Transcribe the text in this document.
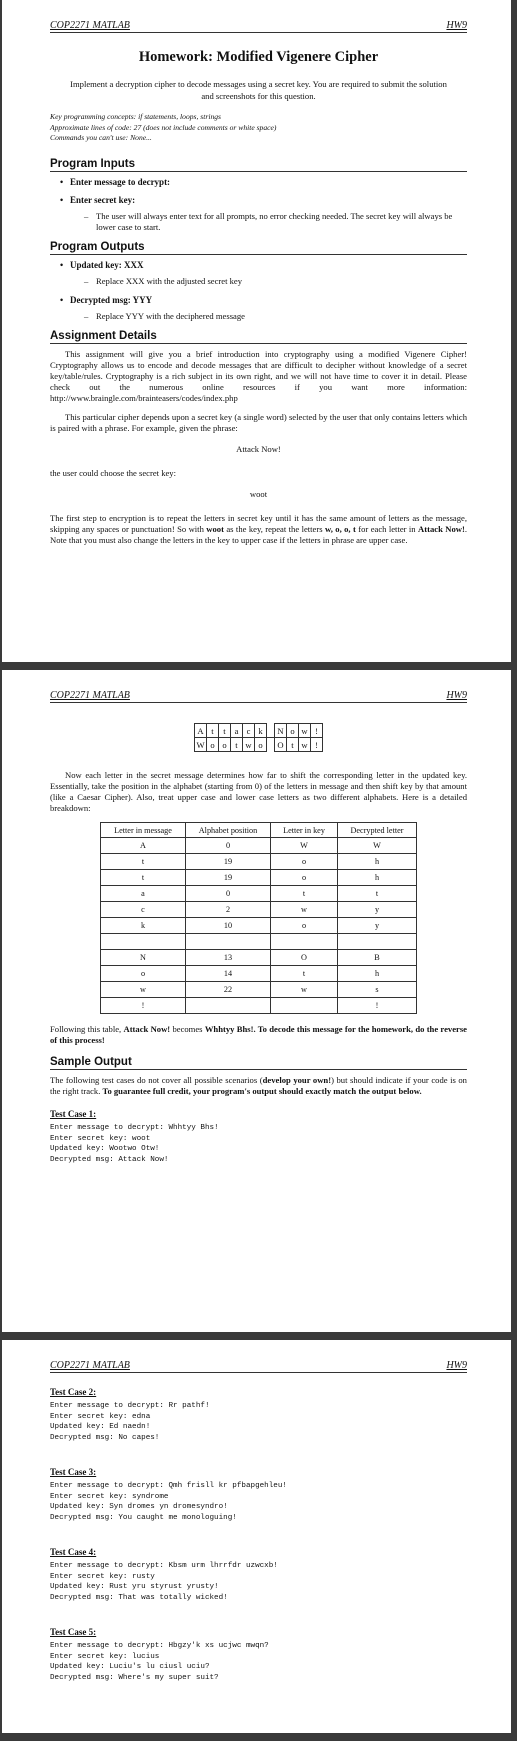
COP2271 MATLAB	HW9
Homework: Modified Vigenere Cipher
Implement a decryption cipher to decode messages using a secret key. You are required to submit the solution and screenshots for this question.
Key programming concepts: if statements, loops, strings
Approximate lines of code: 27 (does not include comments or white space)
Commands you can't use: None...
Program Inputs
• Enter message to decrypt:
• Enter secret key:
– The user will always enter text for all prompts, no error checking needed. The secret key will always be lower case to start.
Program Outputs
• Updated key: XXX
– Replace XXX with the adjusted secret key
• Decrypted msg: YYY
– Replace YYY with the deciphered message
Assignment Details

This assignment will give you a brief introduction into cryptography using a modified Vigenere Cipher! Cryptography allows us to encode and decode messages that are difficult to decipher without knowledge of a secret key/table/rules. Cryptography is a rich subject in its own right, and we will not have time to cover it in detail. Please check out the numerous online resources if you want more information: http://www.braingle.com/brainteasers/codes/index.php

This particular cipher depends upon a secret key (a single word) selected by the user that only contains letters which is paired with a phrase. For example, given the phrase:

Attack Now!

the user could choose the secret key:

woot

The first step to encryption is to repeat the letters in secret key until it has the same amount of letters as the message, skipping any spaces or punctuation! So with woot as the key, repeat the letters w, o, o, t for each letter in Attack Now!. Note that you must also change the letters in the key to upper case if the letters in phrase are upper case.

COP2271 MATLAB	HW9
A	t	t	a	c	k		N	o	w	!
W	o	o	t	w	o		O	t	w	!

Now each letter in the secret message determines how far to shift the corresponding letter in the updated key. Essentially, take the position in the alphabet (starting from 0) of the letters in message and then shift key by that amount (like a Caesar Cipher). Also, treat upper case and lower case letters as two different alphabets. Here is a detailed breakdown:

Letter in message	Alphabet position	Letter in key	Decrypted letter
A	0	W	W
t	19	o	h
t	19	o	h
a	0	t	t
c	2	w	y
k	10	o	y

N	13	O	B
o	14	t	h
w	22	w	s
!			!

Following this table, Attack Now! becomes Whhtyy Bhs!. To decode this message for the homework, do the reverse of this process!

Sample Output

The following test cases do not cover all possible scenarios (develop your own!) but should indicate if your code is on the right track. To guarantee full credit, your program's output should exactly match the output below.

Test Case 1:

Enter message to decrypt: Whhtyy Bhs!
Enter secret key: woot
Updated key: Wootwo Otw!
Decrypted msg: Attack Now!
COP2271 MATLAB	HW9

Test Case 2:

Enter message to decrypt: Rr pathf!
Enter secret key: edna
Updated key: Ed naedn!
Decrypted msg: No capes!

Test Case 3:

Enter message to decrypt: Qmh frisll kr pfbapgehleu!
Enter secret key: syndrome
Updated key: Syn dromes yn dromesyndro!
Decrypted msg: You caught me monologuing!

Test Case 4:

Enter message to decrypt: Kbsm urm lhrrfdr uzwcxb!
Enter secret key: rusty
Updated key: Rust yru styrust yrusty!
Decrypted msg: That was totally wicked!

Test Case 5:

Enter message to decrypt: Hbgzy'k xs ucjwc mwqn?
Enter secret key: lucius
Updated key: Luciu's lu ciusl uciu?
Decrypted msg: Where's my super suit?
